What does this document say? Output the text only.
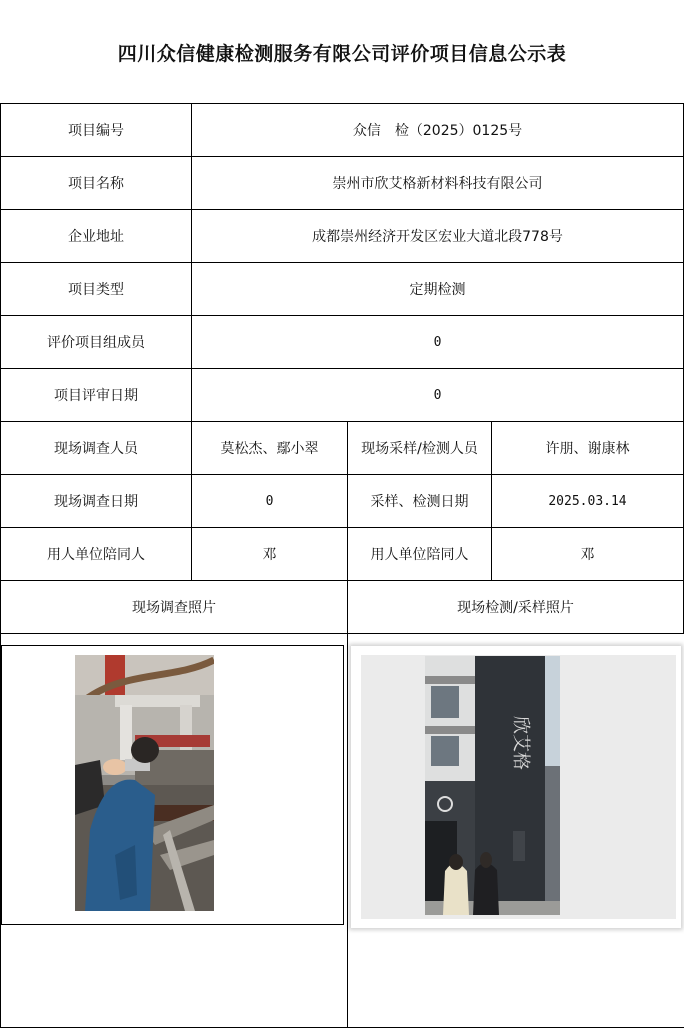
四川众信健康检测服务有限公司评价项目信息公示表
项目编号	众信　检（2025）0125号		
项目名称	崇州市欣艾格新材料科技有限公司		
企业地址	成都崇州经济开发区宏业大道北段778号		
项目类型	定期检测		
评价项目组成员	0		
项目评审日期	0		
现场调查人员	莫松杰、鄢小翠	现场采样/检测人员	许朋、谢康林
现场调查日期	0	采样、检测日期	2025.03.14
用人单位陪同人	邓	用人单位陪同人	邓
现场调查照片		现场检测/采样照片	
欣艾格
